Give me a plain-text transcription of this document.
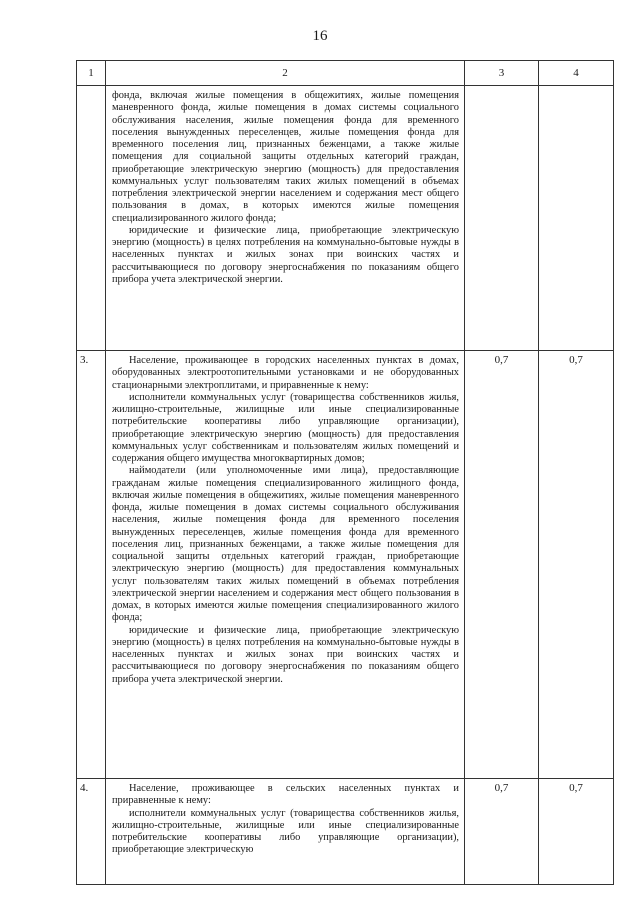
16
1	2	3	4

	фонда, включая жилые помещения в общежитиях, жилые помещения маневренного фонда, жилые помещения в домах системы социального обслуживания населения, жилые помещения фонда для временного поселения вынужденных переселенцев, жилые помещения фонда для временного поселения лиц, признанных беженцами, а также жилые помещения для социальной защиты отдельных категорий граждан, приобретающие электрическую энергию (мощность) для предоставления коммунальных услуг пользователям таких жилых помещений в объемах потребления электрической энергии населением и содержания мест общего пользования в домах, в которых имеются жилые помещения специализированного жилого фонда;

юридические и физические лица, приобретающие электрическую энергию (мощность) в целях потребления на коммунально-бытовые нужды в населенных пунктах и жилых зонах при воинских частях и рассчитывающиеся по договору энергоснабжения по показаниям общего прибора учета электрической энергии.		

3.	Население, проживающее в городских населенных пунктах в домах, оборудованных электроотопительными установками и не оборудованных стационарными электроплитами, и приравненные к нему:

исполнители коммунальных услуг (товарищества собственников жилья, жилищно-строительные, жилищные или иные специализированные потребительские кооперативы либо управляющие организации), приобретающие электрическую энергию (мощность) для предоставления коммунальных услуг собственникам и пользователям жилых помещений и содержания общего имущества многоквартирных домов;

наймодатели (или уполномоченные ими лица), предоставляющие гражданам жилые помещения специализированного жилищного фонда, включая жилые помещения в общежитиях, жилые помещения маневренного фонда, жилые помещения в домах системы социального обслуживания населения, жилые помещения фонда для временного поселения вынужденных переселенцев, жилые помещения фонда для временного поселения лиц, признанных беженцами, а также жилые помещения для социальной защиты отдельных категорий граждан, приобретающие электрическую энергию (мощность) для предоставления коммунальных услуг пользователям таких жилых помещений в объемах потребления электрической энергии населением и содержания мест общего пользования в домах, в которых имеются жилые помещения специализированного жилого фонда;

юридические и физические лица, приобретающие электрическую энергию (мощность) в целях потребления на коммунально-бытовые нужды в населенных пунктах и жилых зонах при воинских частях и рассчитывающиеся по договору энергоснабжения по показаниям общего прибора учета электрической энергии.	0,7	0,7
4.	Население, проживающее в сельских населенных пунктах и приравненные к нему:

исполнители коммунальных услуг (товарищества собственников жилья, жилищно-строительные, жилищные или иные специализированные потребительские кооперативы либо управляющие организации), приобретающие электрическую	0,7	0,7
